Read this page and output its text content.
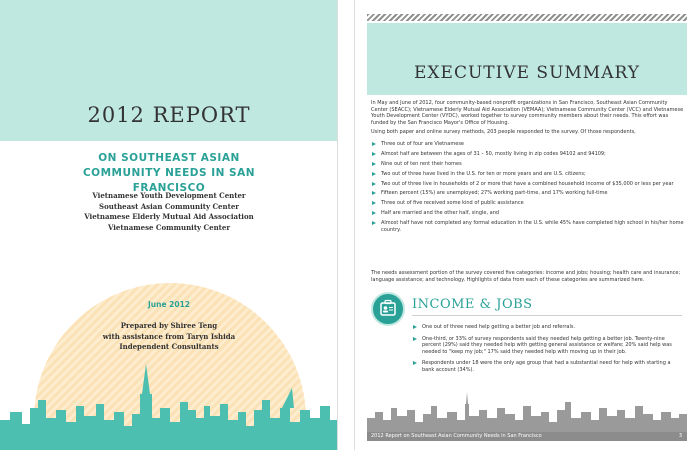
2012 REPORT
ON SOUTHEAST ASIAN COMMUNITY NEEDS IN SAN FRANCISCO
Vietnamese Youth Development Center
Southeast Asian Community Center
Vietnamese Elderly Mutual Aid Association
Vietnamese Community Center
June 2012
Prepared by Shiree Teng
with assistance from Taryn Ishida
Independent Consultants
EXECUTIVE SUMMARY

In May and June of 2012, four community-based nonprofit organizations in San Francisco, Southeast Asian Community Center (SEACC); Vietnamese Elderly Mutual Aid Association (VEMAA); Vietnamese Community Center (VCC) and Vietnamese Youth Development Center (VYDC), worked together to survey community members about their needs. This effort was funded by the San Francisco Mayor's Office of Housing.

Using both paper and online survey methods, 203 people responded to the survey. Of those respondents,

Three out of four are Vietnamese
Almost half are between the ages of 31 – 50, mostly living in zip codes 94102 and 94109;
Nine out of ten rent their homes
Two out of three have lived in the U.S. for ten or more years and are U.S. citizens;
Two out of three live in households of 2 or more that have a combined household income of $35,000 or less per year
Fifteen percent (15%) are unemployed; 27% working part-time, and 17% working full-time
Three out of five received some kind of public assistance
Half are married and the other half, single, and
Almost half have not completed any formal education in the U.S. while 45% have completed high school in his/her home country.

The needs assessment portion of the survey covered five categories: income and jobs; housing; health care and insurance; language assistance; and technology. Highlights of data from each of these categories are summarized here.

INCOME & JOBS
One out of three need help getting a better job and referrals.
One-third, or 33% of survey respondents said they needed help getting a better job. Twenty-nine percent (29%) said they needed help with getting general assistance or welfare; 20% said help was needed to "keep my job;" 17% said they needed help with moving up in their job.
Respondents under 18 were the only age group that had a substantial need for help with starting a bank account (34%).
2012 Report on Southeast Asian Community Needs in San Francisco	3
